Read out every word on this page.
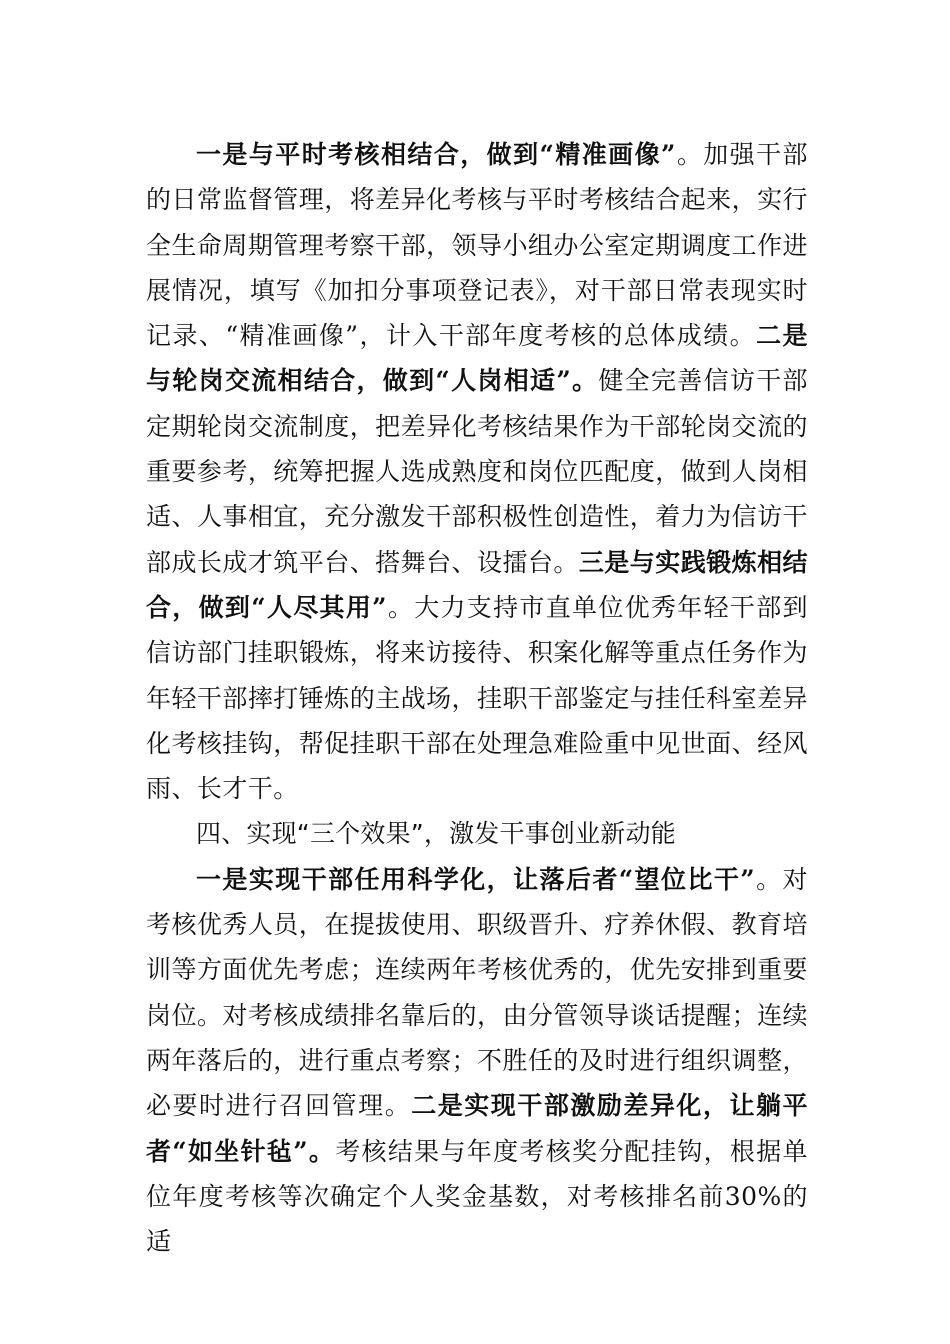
一是与平时考核相结合，做到“精准画像”。加强干部的日常监督管理，将差异化考核与平时考核结合起来，实行全生命周期管理考察干部，领导小组办公室定期调度工作进展情况，填写《加扣分事项登记表》，对干部日常表现实时记录、“精准画像”，计入干部年度考核的总体成绩。二是与轮岗交流相结合，做到“人岗相适”。健全完善信访干部定期轮岗交流制度，把差异化考核结果作为干部轮岗交流的重要参考，统筹把握人选成熟度和岗位匹配度，做到人岗相适、人事相宜，充分激发干部积极性创造性，着力为信访干部成长成才筑平台、搭舞台、设擂台。三是与实践锻炼相结合，做到“人尽其用”。大力支持市直单位优秀年轻干部到信访部门挂职锻炼，将来访接待、积案化解等重点任务作为年轻干部摔打锤炼的主战场，挂职干部鉴定与挂任科室差异化考核挂钩，帮促挂职干部在处理急难险重中见世面、经风雨、长才干。

四、实现“三个效果”，激发干事创业新动能

一是实现干部任用科学化，让落后者“望位比干”。对考核优秀人员，在提拔使用、职级晋升、疗养休假、教育培训等方面优先考虑；连续两年考核优秀的，优先安排到重要岗位。对考核成绩排名靠后的，由分管领导谈话提醒；连续两年落后的，进行重点考察；不胜任的及时进行组织调整，必要时进行召回管理。二是实现干部激励差异化，让躺平者“如坐针毡”。考核结果与年度考核奖分配挂钩，根据单位年度考核等次确定个人奖金基数，对考核排名前30%的适
